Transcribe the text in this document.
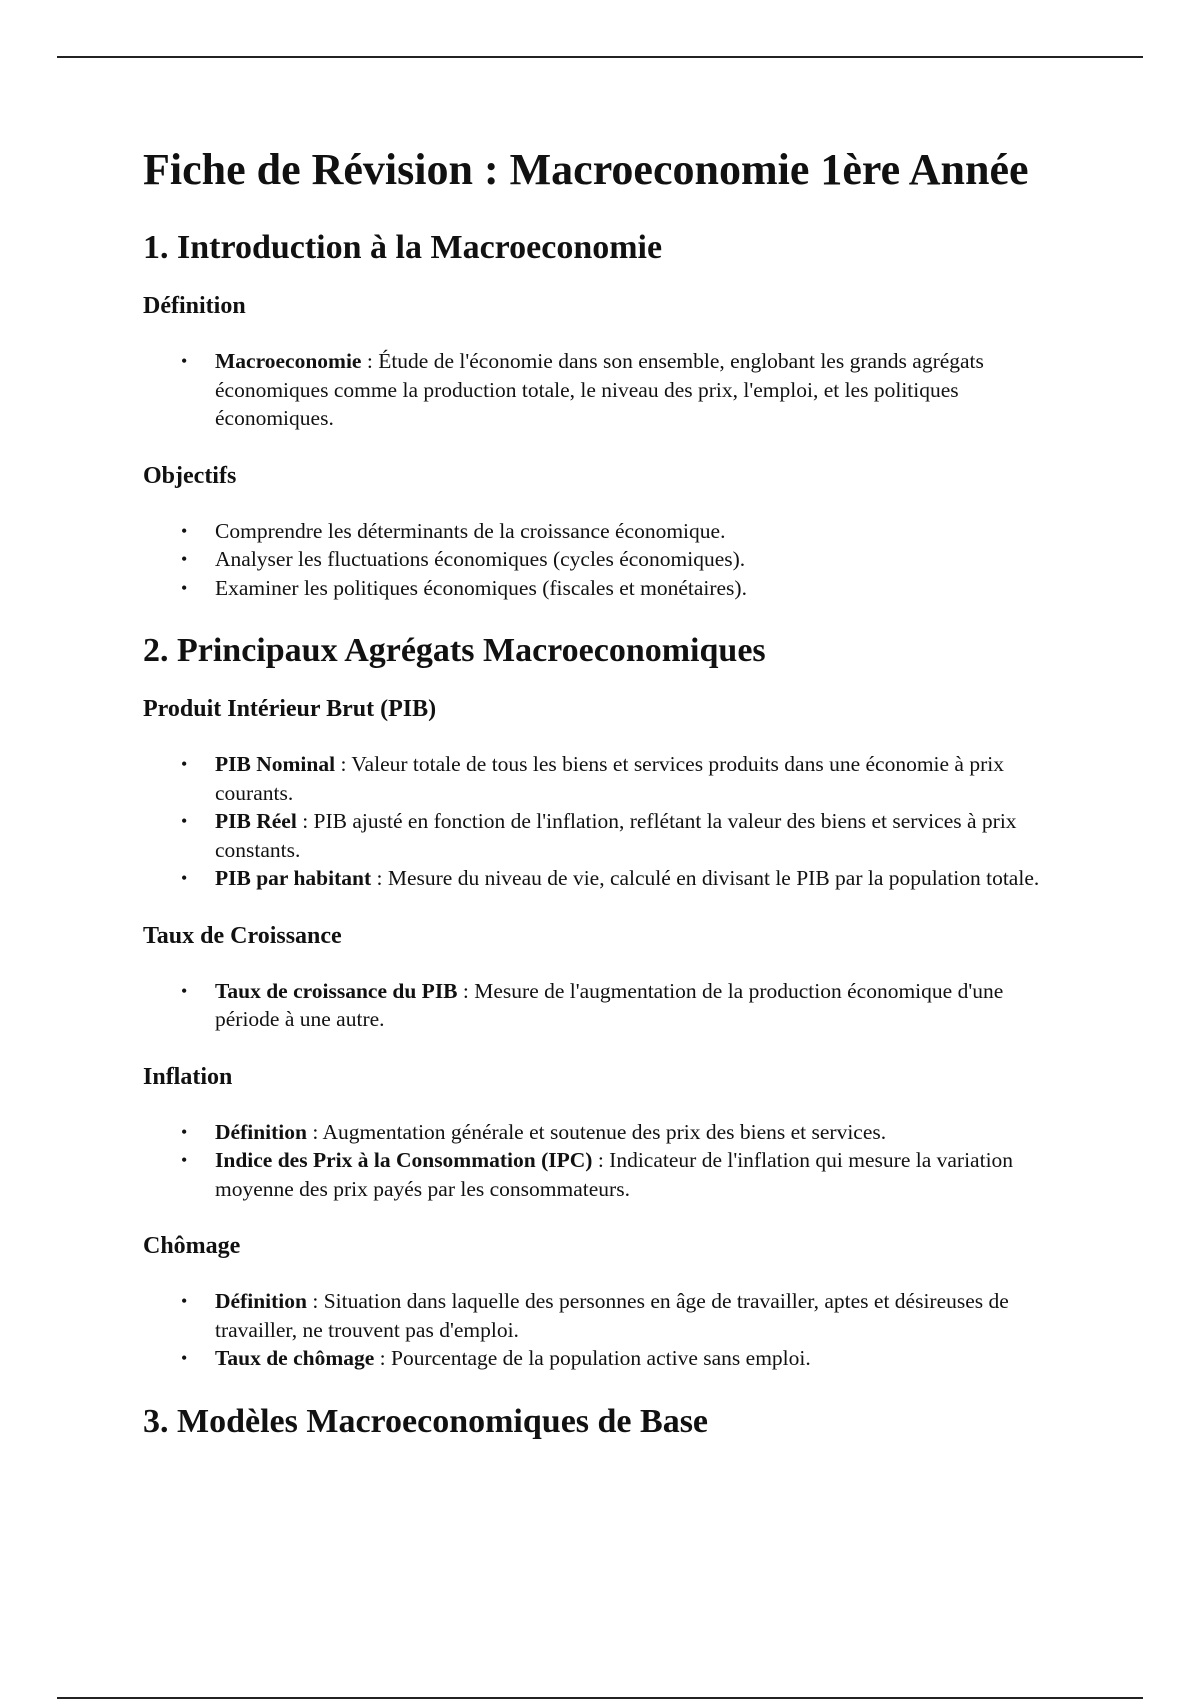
Fiche de Révision : Macroeconomie 1ère Année
1. Introduction à la Macroeconomie
Définition
• Macroeconomie : Étude de l'économie dans son ensemble, englobant les grands agrégats économiques comme la production totale, le niveau des prix, l'emploi, et les politiques économiques.
Objectifs
• Comprendre les déterminants de la croissance économique.
• Analyser les fluctuations économiques (cycles économiques).
• Examiner les politiques économiques (fiscales et monétaires).
2. Principaux Agrégats Macroeconomiques
Produit Intérieur Brut (PIB)
• PIB Nominal : Valeur totale de tous les biens et services produits dans une économie à prix courants.
• PIB Réel : PIB ajusté en fonction de l'inflation, reflétant la valeur des biens et services à prix constants.
• PIB par habitant : Mesure du niveau de vie, calculé en divisant le PIB par la population totale.
Taux de Croissance
• Taux de croissance du PIB : Mesure de l'augmentation de la production économique d'une période à une autre.
Inflation
• Définition : Augmentation générale et soutenue des prix des biens et services.
• Indice des Prix à la Consommation (IPC) : Indicateur de l'inflation qui mesure la variation moyenne des prix payés par les consommateurs.
Chômage
• Définition : Situation dans laquelle des personnes en âge de travailler, aptes et désireuses de travailler, ne trouvent pas d'emploi.
• Taux de chômage : Pourcentage de la population active sans emploi.
3. Modèles Macroeconomiques de Base
